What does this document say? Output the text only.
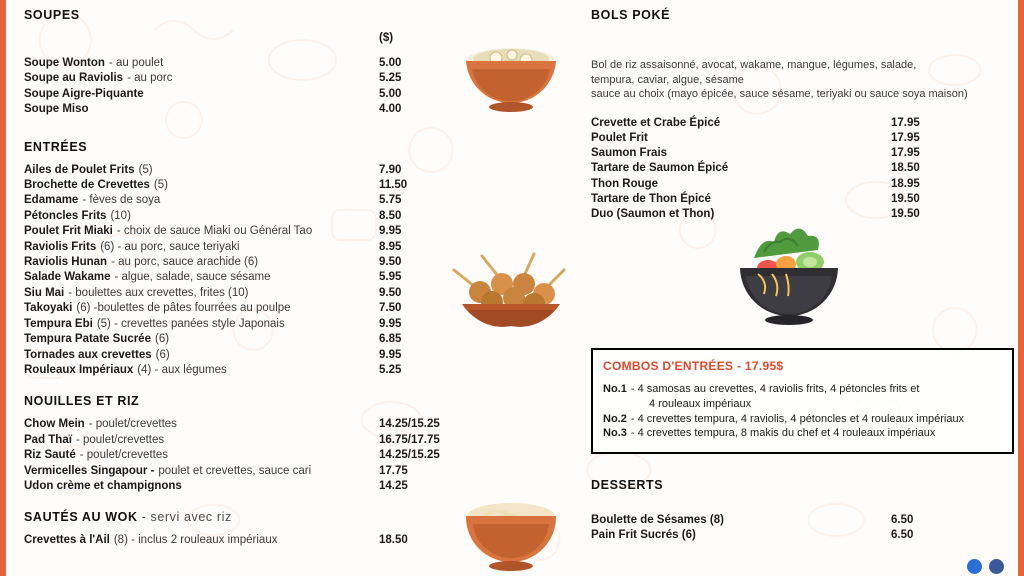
SOUPES
($)
Soupe Wonton - au poulet	5.00
Soupe au Raviolis - au porc	5.25
Soupe Aigre-Piquante	5.00
Soupe Miso	4.00
ENTRÉES
Ailes de Poulet Frits (5)	7.90
Brochette de Crevettes (5)	11.50
Edamame - fèves de soya	5.75
Pétoncles Frits (10)	8.50
Poulet Frit Miaki - choix de sauce Miaki ou Général Tao	9.95
Raviolis Frits (6) - au porc, sauce teriyaki	8.95
Raviolis Hunan - au porc, sauce arachide (6)	9.50
Salade Wakame - algue, salade, sauce sésame	5.95
Siu Mai - boulettes aux crevettes, frites (10)	9.50
Takoyaki (6) -boulettes de pâtes fourrées au poulpe	7.50
Tempura Ebi (5) - crevettes panées style Japonais	9.95
Tempura Patate Sucrée (6)	6.85
Tornades aux crevettes (6)	9.95
Rouleaux Impériaux (4) - aux légumes	5.25
NOUILLES ET RIZ
Chow Mein - poulet/crevettes	14.25/15.25
Pad Thaï - poulet/crevettes	16.75/17.75
Riz Sauté - poulet/crevettes	14.25/15.25
Vermicelles Singapour - poulet et crevettes, sauce cari	17.75
Udon crème et champignons	14.25
SAUTÉS AU WOK - servi avec riz
Crevettes à l'Ail (8) - inclus 2 rouleaux impériaux	18.50
BOLS POKÉ
Bol de riz assaisonné, avocat, wakame, mangue, légumes, salade,
tempura, caviar, algue, sésame
sauce au choix (mayo épicée, sauce sésame, teriyaki ou sauce soya maison)
Crevette et Crabe Épicé	17.95
Poulet Frit	17.95
Saumon Frais	17.95
Tartare de Saumon Épicé	18.50
Thon Rouge	18.95
Tartare de Thon Épicé	19.50
Duo (Saumon et Thon)	19.50
COMBOS D'ENTRÉES - 17.95$
No.1 - 4 samosas au crevettes, 4 raviolis frits, 4 pétoncles frits et
4 rouleaux impériaux
No.2 - 4 crevettes tempura, 4 raviolis, 4 pétoncles et 4 rouleaux impériaux
No.3 - 4 crevettes tempura, 8 makis du chef et 4 rouleaux impériaux
DESSERTS
Boulette de Sésames (8)	6.50
Pain Frit Sucrés (6)	6.50
